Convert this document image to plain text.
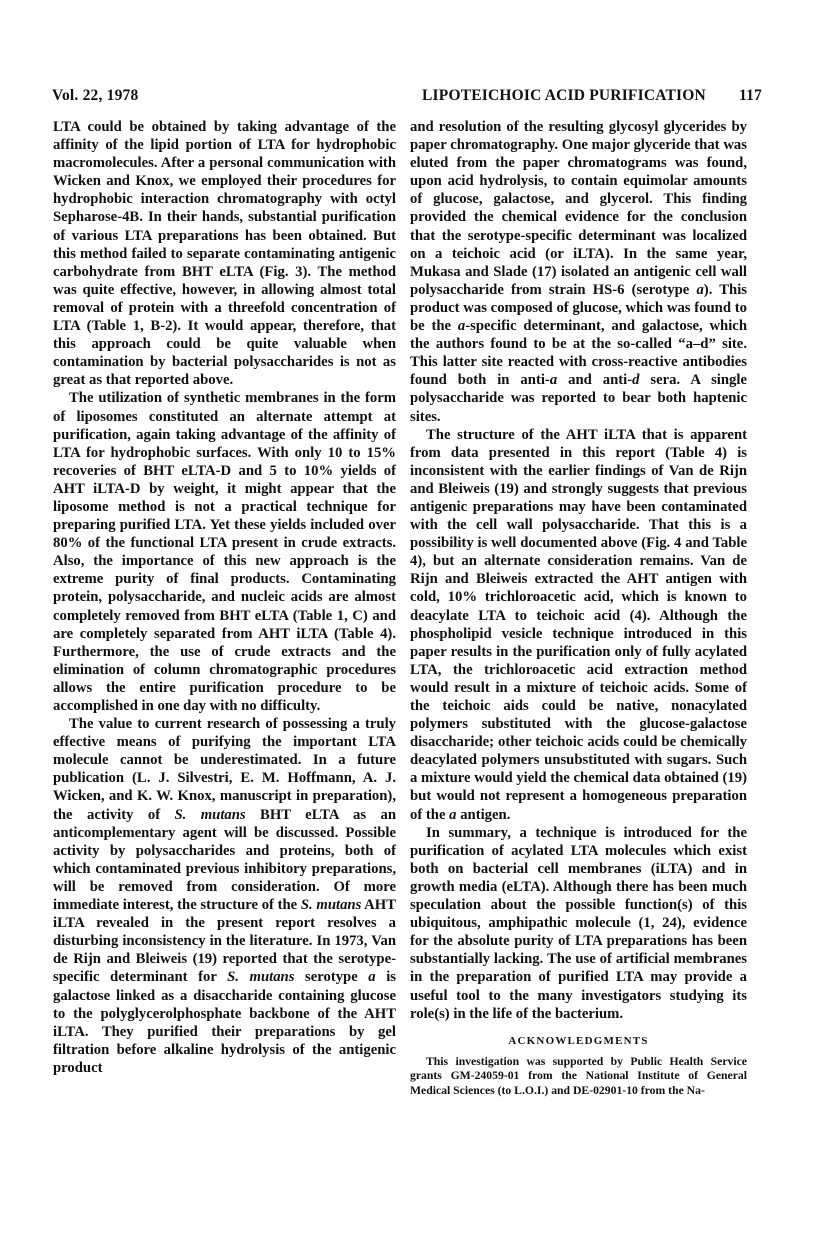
Vol. 22, 1978	LIPOTEICHOIC ACID PURIFICATION 117

LTA could be obtained by taking advantage of the affinity of the lipid portion of LTA for hydrophobic macromolecules. After a personal communication with Wicken and Knox, we employed their procedures for hydrophobic interaction chromatography with octyl Sepharose-4B. In their hands, substantial purification of various LTA preparations has been obtained. But this method failed to separate contaminating antigenic carbohydrate from BHT eLTA (Fig. 3). The method was quite effective, however, in allowing almost total removal of protein with a threefold concentration of LTA (Table 1, B-2). It would appear, therefore, that this approach could be quite valuable when contamination by bacterial polysaccharides is not as great as that reported above.

The utilization of synthetic membranes in the form of liposomes constituted an alternate attempt at purification, again taking advantage of the affinity of LTA for hydrophobic surfaces. With only 10 to 15% recoveries of BHT eLTA-D and 5 to 10% yields of AHT iLTA-D by weight, it might appear that the liposome method is not a practical technique for preparing purified LTA. Yet these yields included over 80% of the functional LTA present in crude extracts. Also, the importance of this new approach is the extreme purity of final products. Contaminating protein, polysaccharide, and nucleic acids are almost completely removed from BHT eLTA (Table 1, C) and are completely separated from AHT iLTA (Table 4). Furthermore, the use of crude extracts and the elimination of column chromatographic procedures allows the entire purification procedure to be accomplished in one day with no difficulty.

The value to current research of possessing a truly effective means of purifying the important LTA molecule cannot be underestimated. In a future publication (L. J. Silvestri, E. M. Hoffmann, A. J. Wicken, and K. W. Knox, manuscript in preparation), the activity of S. mutans BHT eLTA as an anticomplementary agent will be discussed. Possible activity by polysaccharides and proteins, both of which contaminated previous inhibitory preparations, will be removed from consideration. Of more immediate interest, the structure of the S. mutans AHT iLTA revealed in the present report resolves a disturbing inconsistency in the literature. In 1973, Van de Rijn and Bleiweis (19) reported that the serotype-specific determinant for S. mutans serotype a is galactose linked as a disaccharide containing glucose to the polyglycerolphosphate backbone of the AHT iLTA. They purified their preparations by gel filtration before alkaline hydrolysis of the antigenic product

and resolution of the resulting glycosyl glycerides by paper chromatography. One major glyceride that was eluted from the paper chromatograms was found, upon acid hydrolysis, to contain equimolar amounts of glucose, galactose, and glycerol. This finding provided the chemical evidence for the conclusion that the serotype-specific determinant was localized on a teichoic acid (or iLTA). In the same year, Mukasa and Slade (17) isolated an antigenic cell wall polysaccharide from strain HS-6 (serotype a). This product was composed of glucose, which was found to be the a-specific determinant, and galactose, which the authors found to be at the so-called “a–d” site. This latter site reacted with cross-reactive antibodies found both in anti-a and anti-d sera. A single polysaccharide was reported to bear both haptenic sites.

The structure of the AHT iLTA that is apparent from data presented in this report (Table 4) is inconsistent with the earlier findings of Van de Rijn and Bleiweis (19) and strongly suggests that previous antigenic preparations may have been contaminated with the cell wall polysaccharide. That this is a possibility is well documented above (Fig. 4 and Table 4), but an alternate consideration remains. Van de Rijn and Bleiweis extracted the AHT antigen with cold, 10% trichloroacetic acid, which is known to deacylate LTA to teichoic acid (4). Although the phospholipid vesicle technique introduced in this paper results in the purification only of fully acylated LTA, the trichloroacetic acid extraction method would result in a mixture of teichoic acids. Some of the teichoic aids could be native, nonacylated polymers substituted with the glucose-galactose disaccharide; other teichoic acids could be chemically deacylated polymers unsubstituted with sugars. Such a mixture would yield the chemical data obtained (19) but would not represent a homogeneous preparation of the a antigen.

In summary, a technique is introduced for the purification of acylated LTA molecules which exist both on bacterial cell membranes (iLTA) and in growth media (eLTA). Although there has been much speculation about the possible function(s) of this ubiquitous, amphipathic molecule (1, 24), evidence for the absolute purity of LTA preparations has been substantially lacking. The use of artificial membranes in the preparation of purified LTA may provide a useful tool to the many investigators studying its role(s) in the life of the bacterium.

ACKNOWLEDGMENTS
This investigation was supported by Public Health Service grants GM-24059-01 from the National Institute of General Medical Sciences (to L.O.I.) and DE-02901-10 from the Na-
